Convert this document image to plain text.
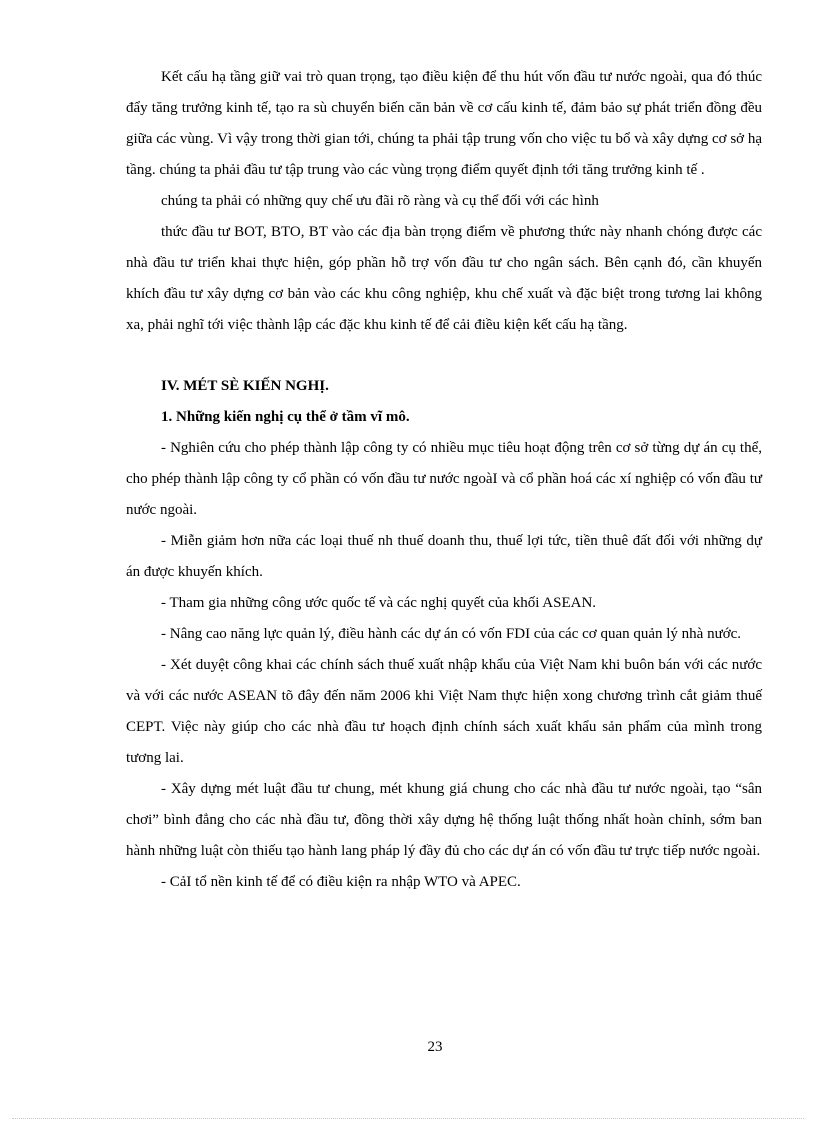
Kết cấu hạ tầng giữ vai trò quan trọng, tạo điều kiện để thu hút vốn đầu tư nước ngoài, qua đó thúc đẩy tăng trưởng kinh tế, tạo ra sù chuyển biến căn bản về cơ cấu kinh tế, đảm bảo sự phát triển đồng đều giữa các vùng. Vì vậy trong thời gian tới, chúng ta phải tập trung vốn cho việc tu bổ và xây dựng cơ sở hạ tầng. chúng ta phải đầu tư tập trung vào các vùng trọng điểm quyết định tới tăng trưởng kinh tế .

chúng ta phải có những quy chế ưu đãi rõ ràng và cụ thể đối với các hình

thức đầu tư BOT, BTO, BT vào các địa bàn trọng điểm về phương thức này nhanh chóng được các nhà đầu tư triển khai thực hiện, góp phần hỗ trợ vốn đầu tư cho ngân sách. Bên cạnh đó, cần khuyến khích đầu tư xây dựng cơ bản vào các khu công nghiệp, khu chế xuất và đặc biệt trong tương lai không xa, phải nghĩ tới việc thành lập các đặc khu kinh tế để cải điều kiện kết cấu hạ tầng.

IV. MÉT SÈ KIẾN NGHỊ.

1. Những kiến nghị cụ thể ở tầm vĩ mô.

- Nghiên cứu cho phép thành lập công ty có nhiều mục tiêu hoạt động trên cơ sở từng dự án cụ thể, cho phép thành lập công ty cổ phần có vốn đầu tư nước ngoàI và cổ phần hoá các xí nghiệp có vốn đầu tư nước ngoài.

- Miễn giảm hơn nữa các loại thuế nh thuế doanh thu, thuế lợi tức, tiền thuê đất đối với những dự án được khuyến khích.

- Tham gia những công ước quốc tế và các nghị quyết của khối ASEAN.

- Nâng cao năng lực quản lý, điều hành các dự án có vốn FDI của các cơ quan quản lý nhà nước.

- Xét duyệt công khai các chính sách thuế xuất nhập khẩu của Việt Nam khi buôn bán với các nước và với các nước ASEAN tõ đây đến năm 2006 khi Việt Nam thực hiện xong chương trình cắt giảm thuế CEPT. Việc này giúp cho các nhà đầu tư hoạch định chính sách xuất khẩu sản phẩm của mình trong tương lai.

- Xây dựng mét luật đầu tư chung, mét khung giá chung cho các nhà đầu tư nước ngoài, tạo “sân chơi” bình đẳng cho các nhà đầu tư, đồng thời xây dựng hệ thống luật thống nhất hoàn chỉnh, sớm ban hành những luật còn thiếu tạo hành lang pháp lý đầy đủ cho các dự án có vốn đầu tư trực tiếp nước ngoài.

- CảI tổ nền kinh tế để có điều kiện ra nhập WTO và APEC.

23
